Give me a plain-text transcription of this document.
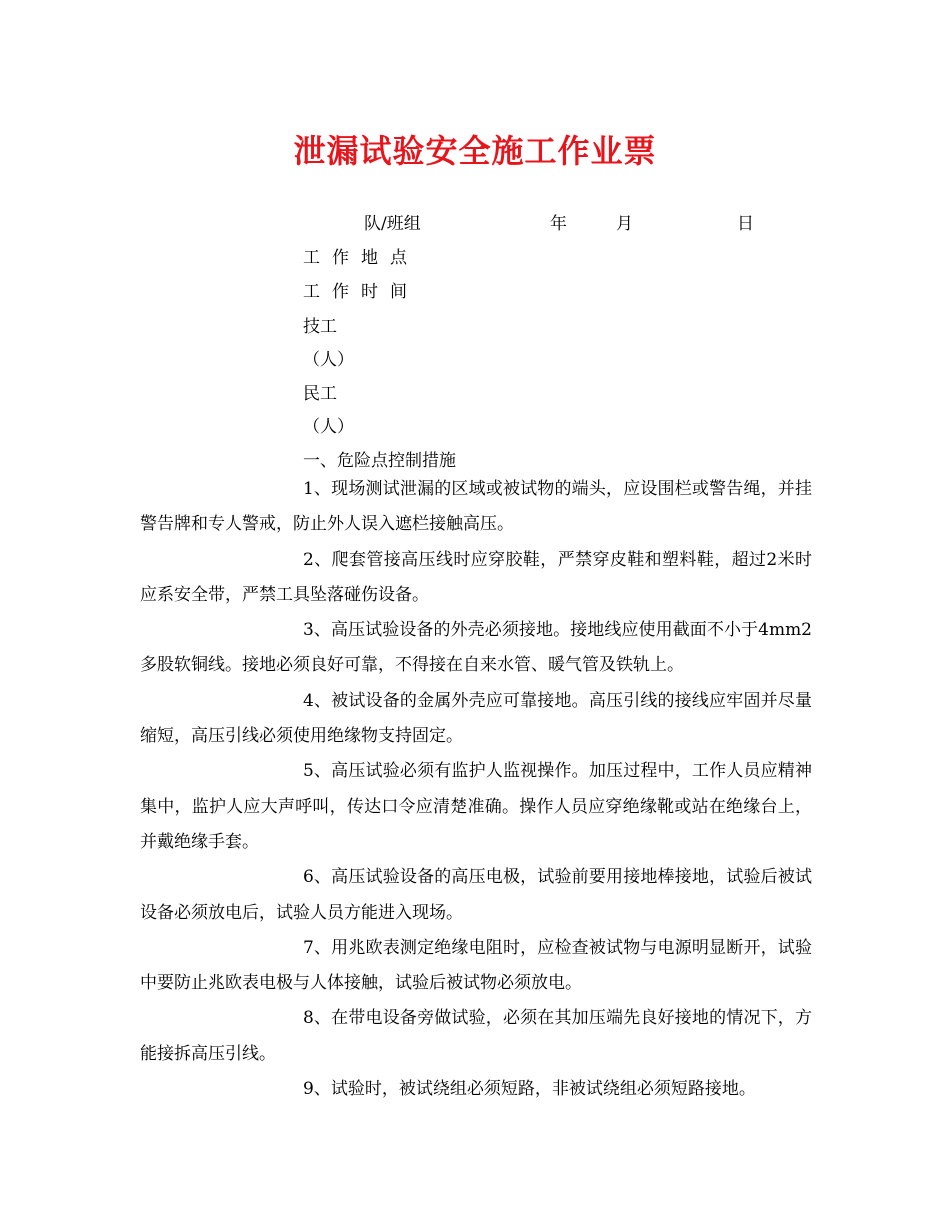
泄漏试验安全施工作业票
队/班组	年	月	日
工作地点
工作时间
技工
（人）
民工
（人）
一、危险点控制措施

1、现场测试泄漏的区域或被试物的端头，应设围栏或警告绳，并挂警告牌和专人警戒，防止外人误入遮栏接触高压。

2、爬套管接高压线时应穿胶鞋，严禁穿皮鞋和塑料鞋，超过2米时应系安全带，严禁工具坠落碰伤设备。

3、高压试验设备的外壳必须接地。接地线应使用截面不小于4mm2多股软铜线。接地必须良好可靠，不得接在自来水管、暖气管及铁轨上。

4、被试设备的金属外壳应可靠接地。高压引线的接线应牢固并尽量缩短，高压引线必须使用绝缘物支持固定。

5、高压试验必须有监护人监视操作。加压过程中，工作人员应精神集中，监护人应大声呼叫，传达口令应清楚准确。操作人员应穿绝缘靴或站在绝缘台上，并戴绝缘手套。

6、高压试验设备的高压电极，试验前要用接地棒接地，试验后被试设备必须放电后，试验人员方能进入现场。

7、用兆欧表测定绝缘电阻时，应检查被试物与电源明显断开，试验中要防止兆欧表电极与人体接触，试验后被试物必须放电。

8、在带电设备旁做试验，必须在其加压端先良好接地的情况下，方能接拆高压引线。

9、试验时，被试绕组必须短路，非被试绕组必须短路接地。
